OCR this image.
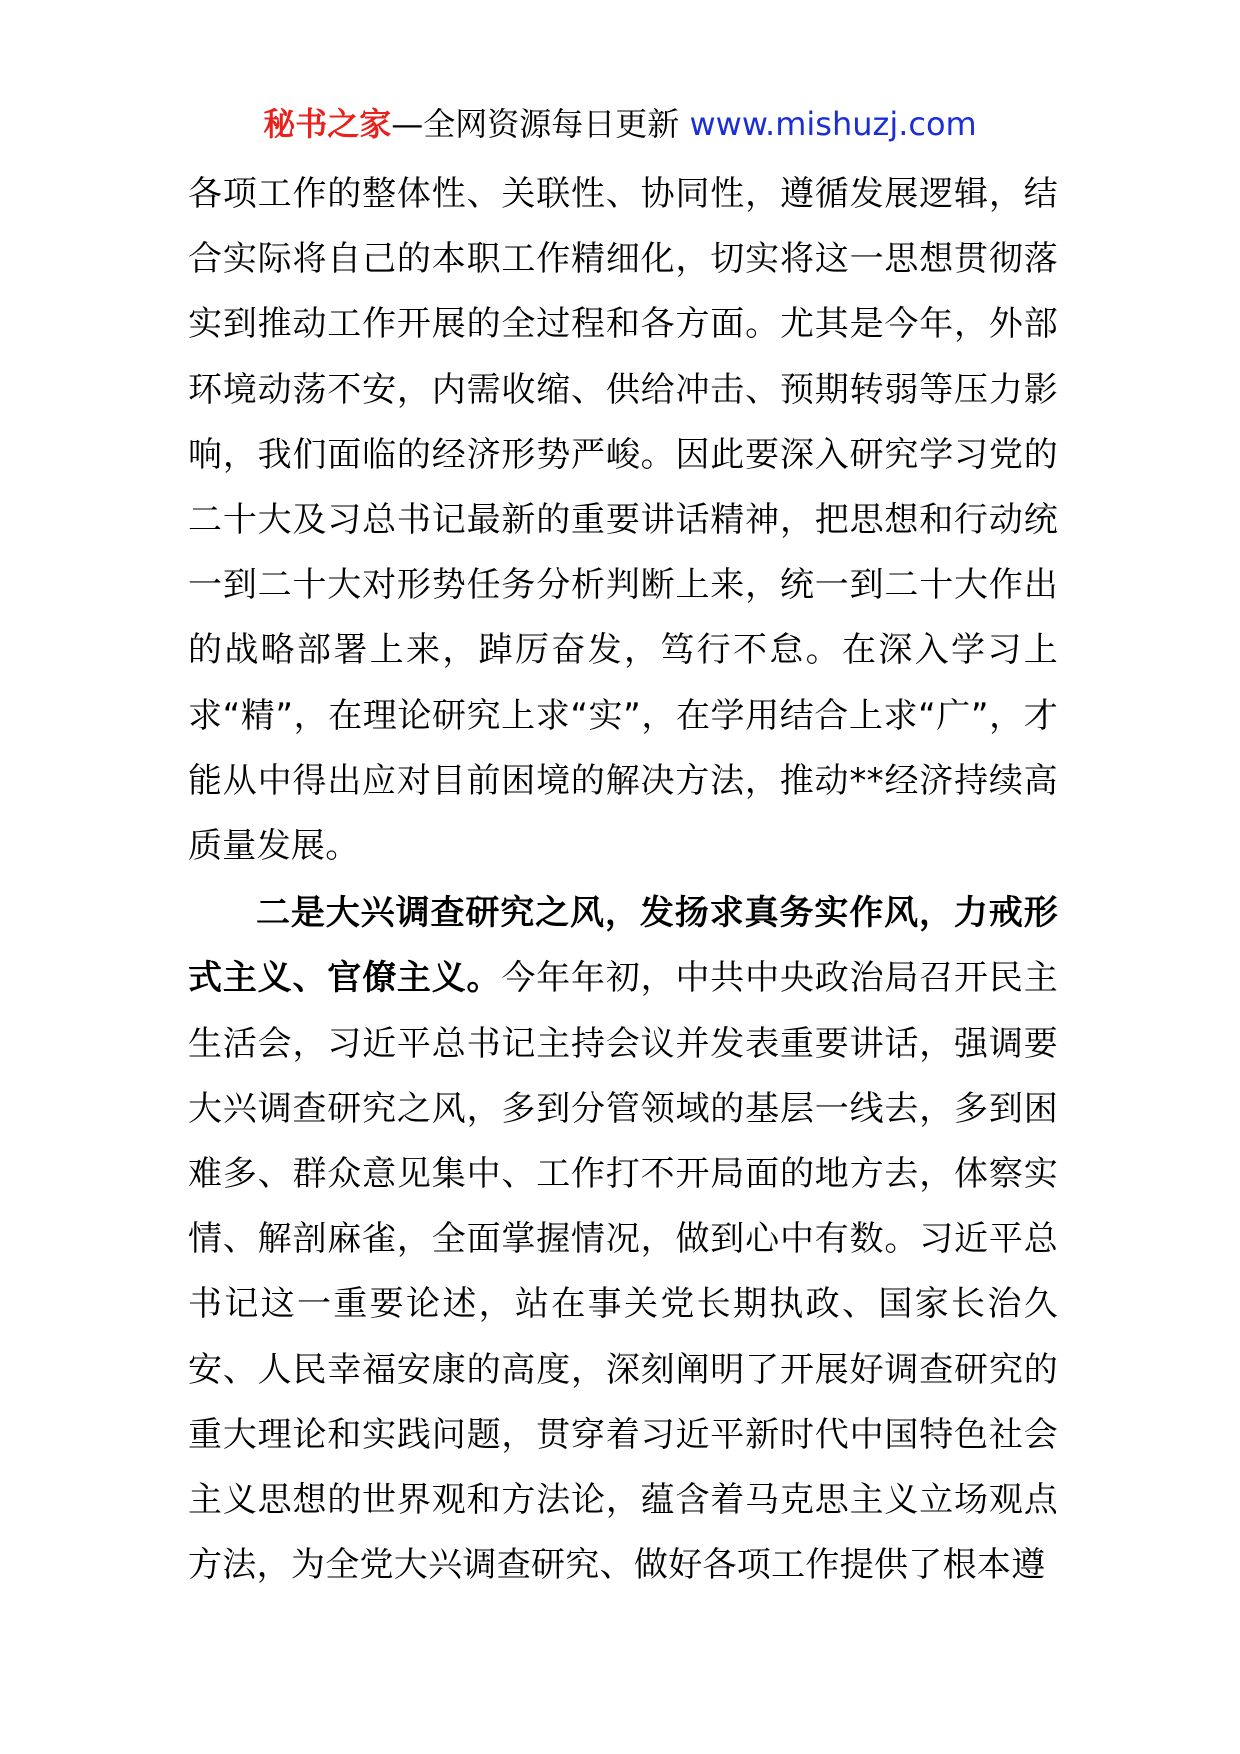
秘书之家—全网资源每日更新 www.mishuzj.com

各项工作的整体性、关联性、协同性，遵循发展逻辑，结合实际将自己的本职工作精细化，切实将这一思想贯彻落实到推动工作开展的全过程和各方面。尤其是今年，外部环境动荡不安，内需收缩、供给冲击、预期转弱等压力影响，我们面临的经济形势严峻。因此要深入研究学习党的二十大及习总书记最新的重要讲话精神，把思想和行动统一到二十大对形势任务分析判断上来，统一到二十大作出的战略部署上来，踔厉奋发，笃行不怠。在深入学习上求“精”，在理论研究上求“实”，在学用结合上求“广”，才能从中得出应对目前困境的解决方法，推动**经济持续高质量发展。

二是大兴调查研究之风，发扬求真务实作风，力戒形式主义、官僚主义。今年年初，中共中央政治局召开民主生活会，习近平总书记主持会议并发表重要讲话，强调要大兴调查研究之风，多到分管领域的基层一线去，多到困难多、群众意见集中、工作打不开局面的地方去，体察实情、解剖麻雀，全面掌握情况，做到心中有数。习近平总书记这一重要论述，站在事关党长期执政、国家长治久安、人民幸福安康的高度，深刻阐明了开展好调查研究的重大理论和实践问题，贯穿着习近平新时代中国特色社会主义思想的世界观和方法论，蕴含着马克思主义立场观点方法，为全党大兴调查研究、做好各项工作提供了根本遵
